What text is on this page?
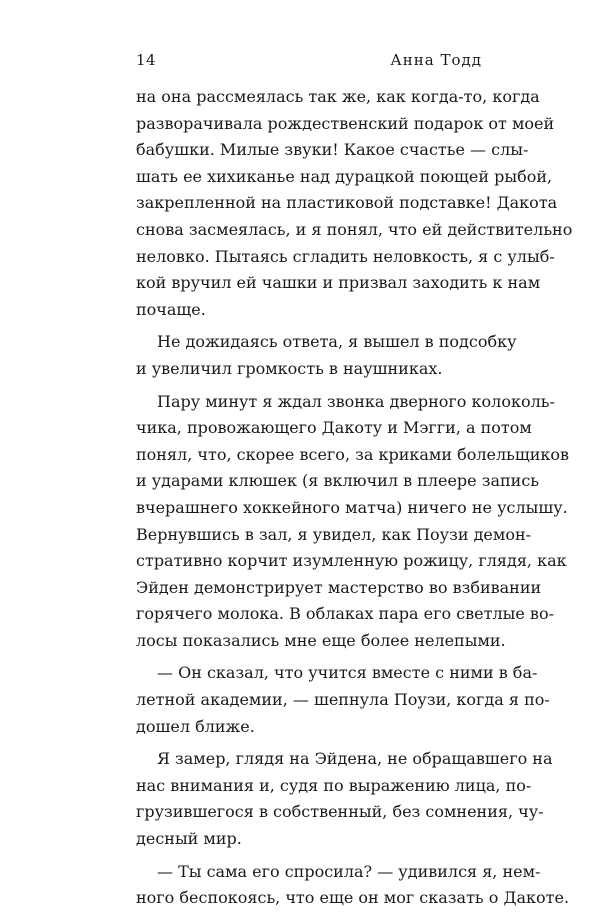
14	Анна Тодд
на она рассмеялась так же, как когда-то, когда
разворачивала рождественский подарок от моей
бабушки. Милые звуки! Какое счастье — слы-
шать ее хихиканье над дурацкой поющей рыбой,
закрепленной на пластиковой подставке! Дакота
снова засмеялась, и я понял, что ей действительно
неловко. Пытаясь сгладить неловкость, я с улыб-
кой вручил ей чашки и призвал заходить к нам
почаще.
Не дожидаясь ответа, я вышел в подсобку
и увеличил громкость в наушниках.
Пару минут я ждал звонка дверного колоколь-
чика, провожающего Дакоту и Мэгги, а потом
понял, что, скорее всего, за криками болельщиков
и ударами клюшек (я включил в плеере запись
вчерашнего хоккейного матча) ничего не услышу.
Вернувшись в зал, я увидел, как Поузи демон-
стративно корчит изумленную рожицу, глядя, как
Эйден демонстрирует мастерство во взбивании
горячего молока. В облаках пара его светлые во-
лосы показались мне еще более нелепыми.
— Он сказал, что учится вместе с ними в ба-
летной академии, — шепнула Поузи, когда я по-
дошел ближе.
Я замер, глядя на Эйдена, не обращавшего на
нас внимания и, судя по выражению лица, по-
грузившегося в собственный, без сомнения, чу-
десный мир.
— Ты сама его спросила? — удивился я, нем-
ного беспокоясь, что еще он мог сказать о Дакоте.
